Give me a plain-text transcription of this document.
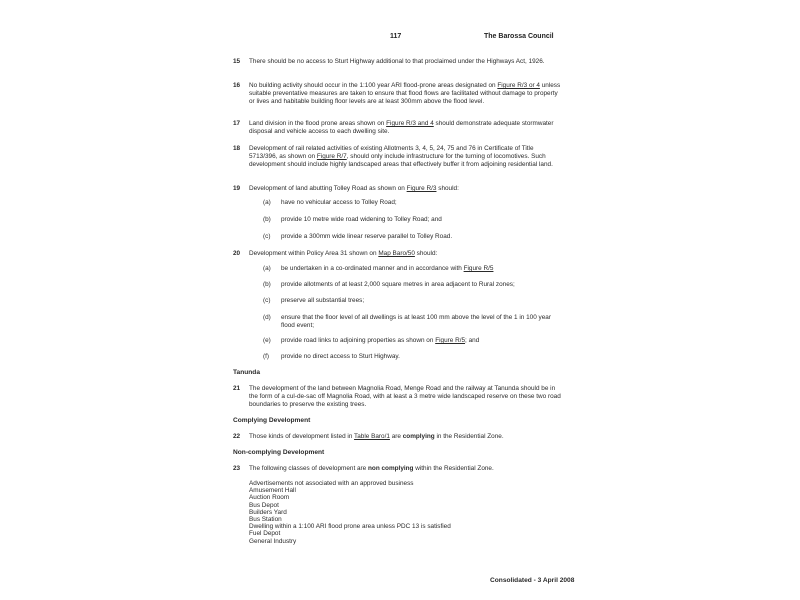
117	The Barossa Council
15 There should be no access to Sturt Highway additional to that proclaimed under the Highways Act, 1926.
16 No building activity should occur in the 1:100 year ARI flood-prone areas designated on Figure R/3 or 4 unless suitable preventative measures are taken to ensure that flood flows are facilitated without damage to property or lives and habitable building floor levels are at least 300mm above the flood level.
17 Land division in the flood prone areas shown on Figure R/3 and 4 should demonstrate adequate stormwater disposal and vehicle access to each dwelling site.
18 Development of rail related activities of existing Allotments 3, 4, 5, 24, 75 and 76 in Certificate of Title 5713/396, as shown on Figure R/7, should only include infrastructure for the turning of locomotives. Such development should include highly landscaped areas that effectively buffer it from adjoining residential land.
19 Development of land abutting Tolley Road as shown on Figure R/3 should:
(a) have no vehicular access to Tolley Road;
(b) provide 10 metre wide road widening to Tolley Road; and
(c) provide a 300mm wide linear reserve parallel to Tolley Road.
20 Development within Policy Area 31 shown on Map Baro/50 should:
(a) be undertaken in a co-ordinated manner and in accordance with Figure R/5
(b) provide allotments of at least 2,000 square metres in area adjacent to Rural zones;
(c) preserve all substantial trees;
(d) ensure that the floor level of all dwellings is at least 100 mm above the level of the 1 in 100 year flood event;
(e) provide road links to adjoining properties as shown on Figure R/5; and
(f) provide no direct access to Sturt Highway.
Tanunda
21 The development of the land between Magnolia Road, Menge Road and the railway at Tanunda should be in the form of a cul-de-sac off Magnolia Road, with at least a 3 metre wide landscaped reserve on these two road boundaries to preserve the existing trees.
Complying Development
22 Those kinds of development listed in Table Baro/1 are complying in the Residential Zone.
Non-complying Development
23 The following classes of development are non complying within the Residential Zone.
Advertisements not associated with an approved business
Amusement Hall
Auction Room
Bus Depot
Builders Yard
Bus Station
Dwelling within a 1:100 ARI flood prone area unless PDC 13 is satisfied
Fuel Depot
General Industry
Consolidated - 3 April 2008
